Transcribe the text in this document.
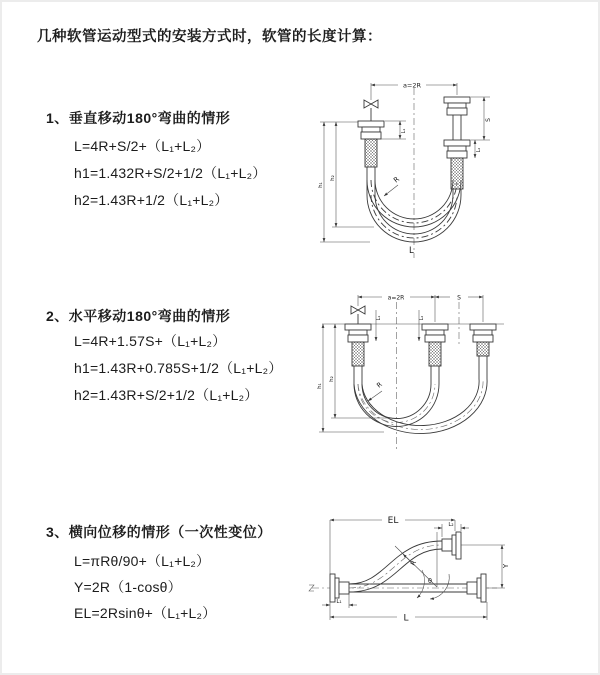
几种软管运动型式的安装方式时，软管的长度计算：
1、垂直移动180°弯曲的情形

L=4R+S/2+（L₁+L₂）

h1=1.432R+S/2+1/2（L₁+L₂）

h2=1.43R+1/2（L₁+L₂）

2、水平移动180°弯曲的情形

L=4R+1.57S+（L₁+L₂）

h1=1.43R+0.785S+1/2（L₁+L₂）

h2=1.43R+S/2+1/2（L₁+L₂）

3、横向位移的情形（一次性变位）

L=πRθ/90+（L₁+L₂）

Y=2R（1-cosθ）

EL=2Rsinθ+（L₁+L₂）

a=2R
S
L₂
L₁
h₁
h₂	R
L
a=2R	S
L₁	L₂
h₁
h₂
R
EL	L₂
Y
θ
L
L₁
R
